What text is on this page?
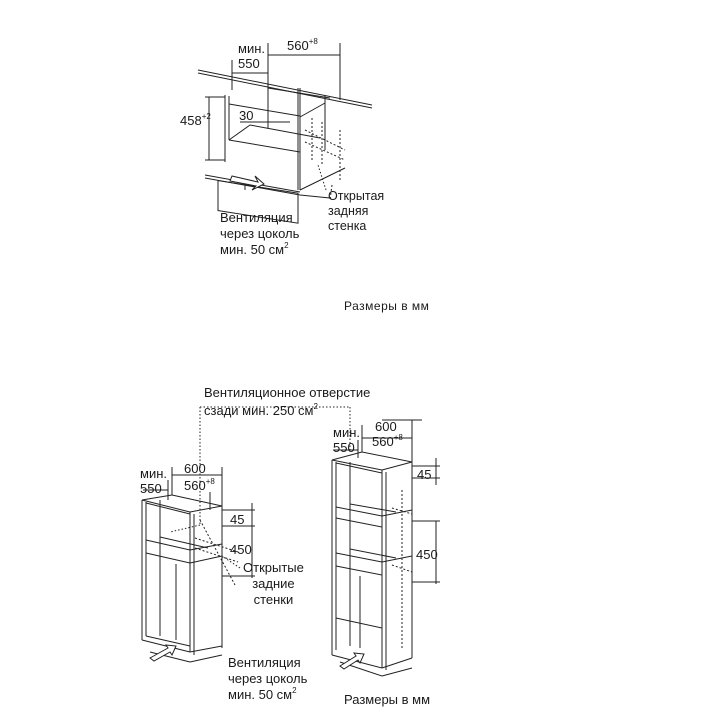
мин.
550
$560^{+8}$
$458^{+2}$ 30
Открытая
задняя
стенка
Вентиляция
через цоколь
мин. 50 $см^2$
Размеры в мм
Вентиляционное отверстие
сзади мин. 250 $см^2$
мин.
550
600
$560^{+8}$
45
450
Открытые
задние
стенки
мин.
550
600
$560^{+8}$
45
450
Вентиляция
через цоколь
мин. 50 $см^2$
Размеры в мм
